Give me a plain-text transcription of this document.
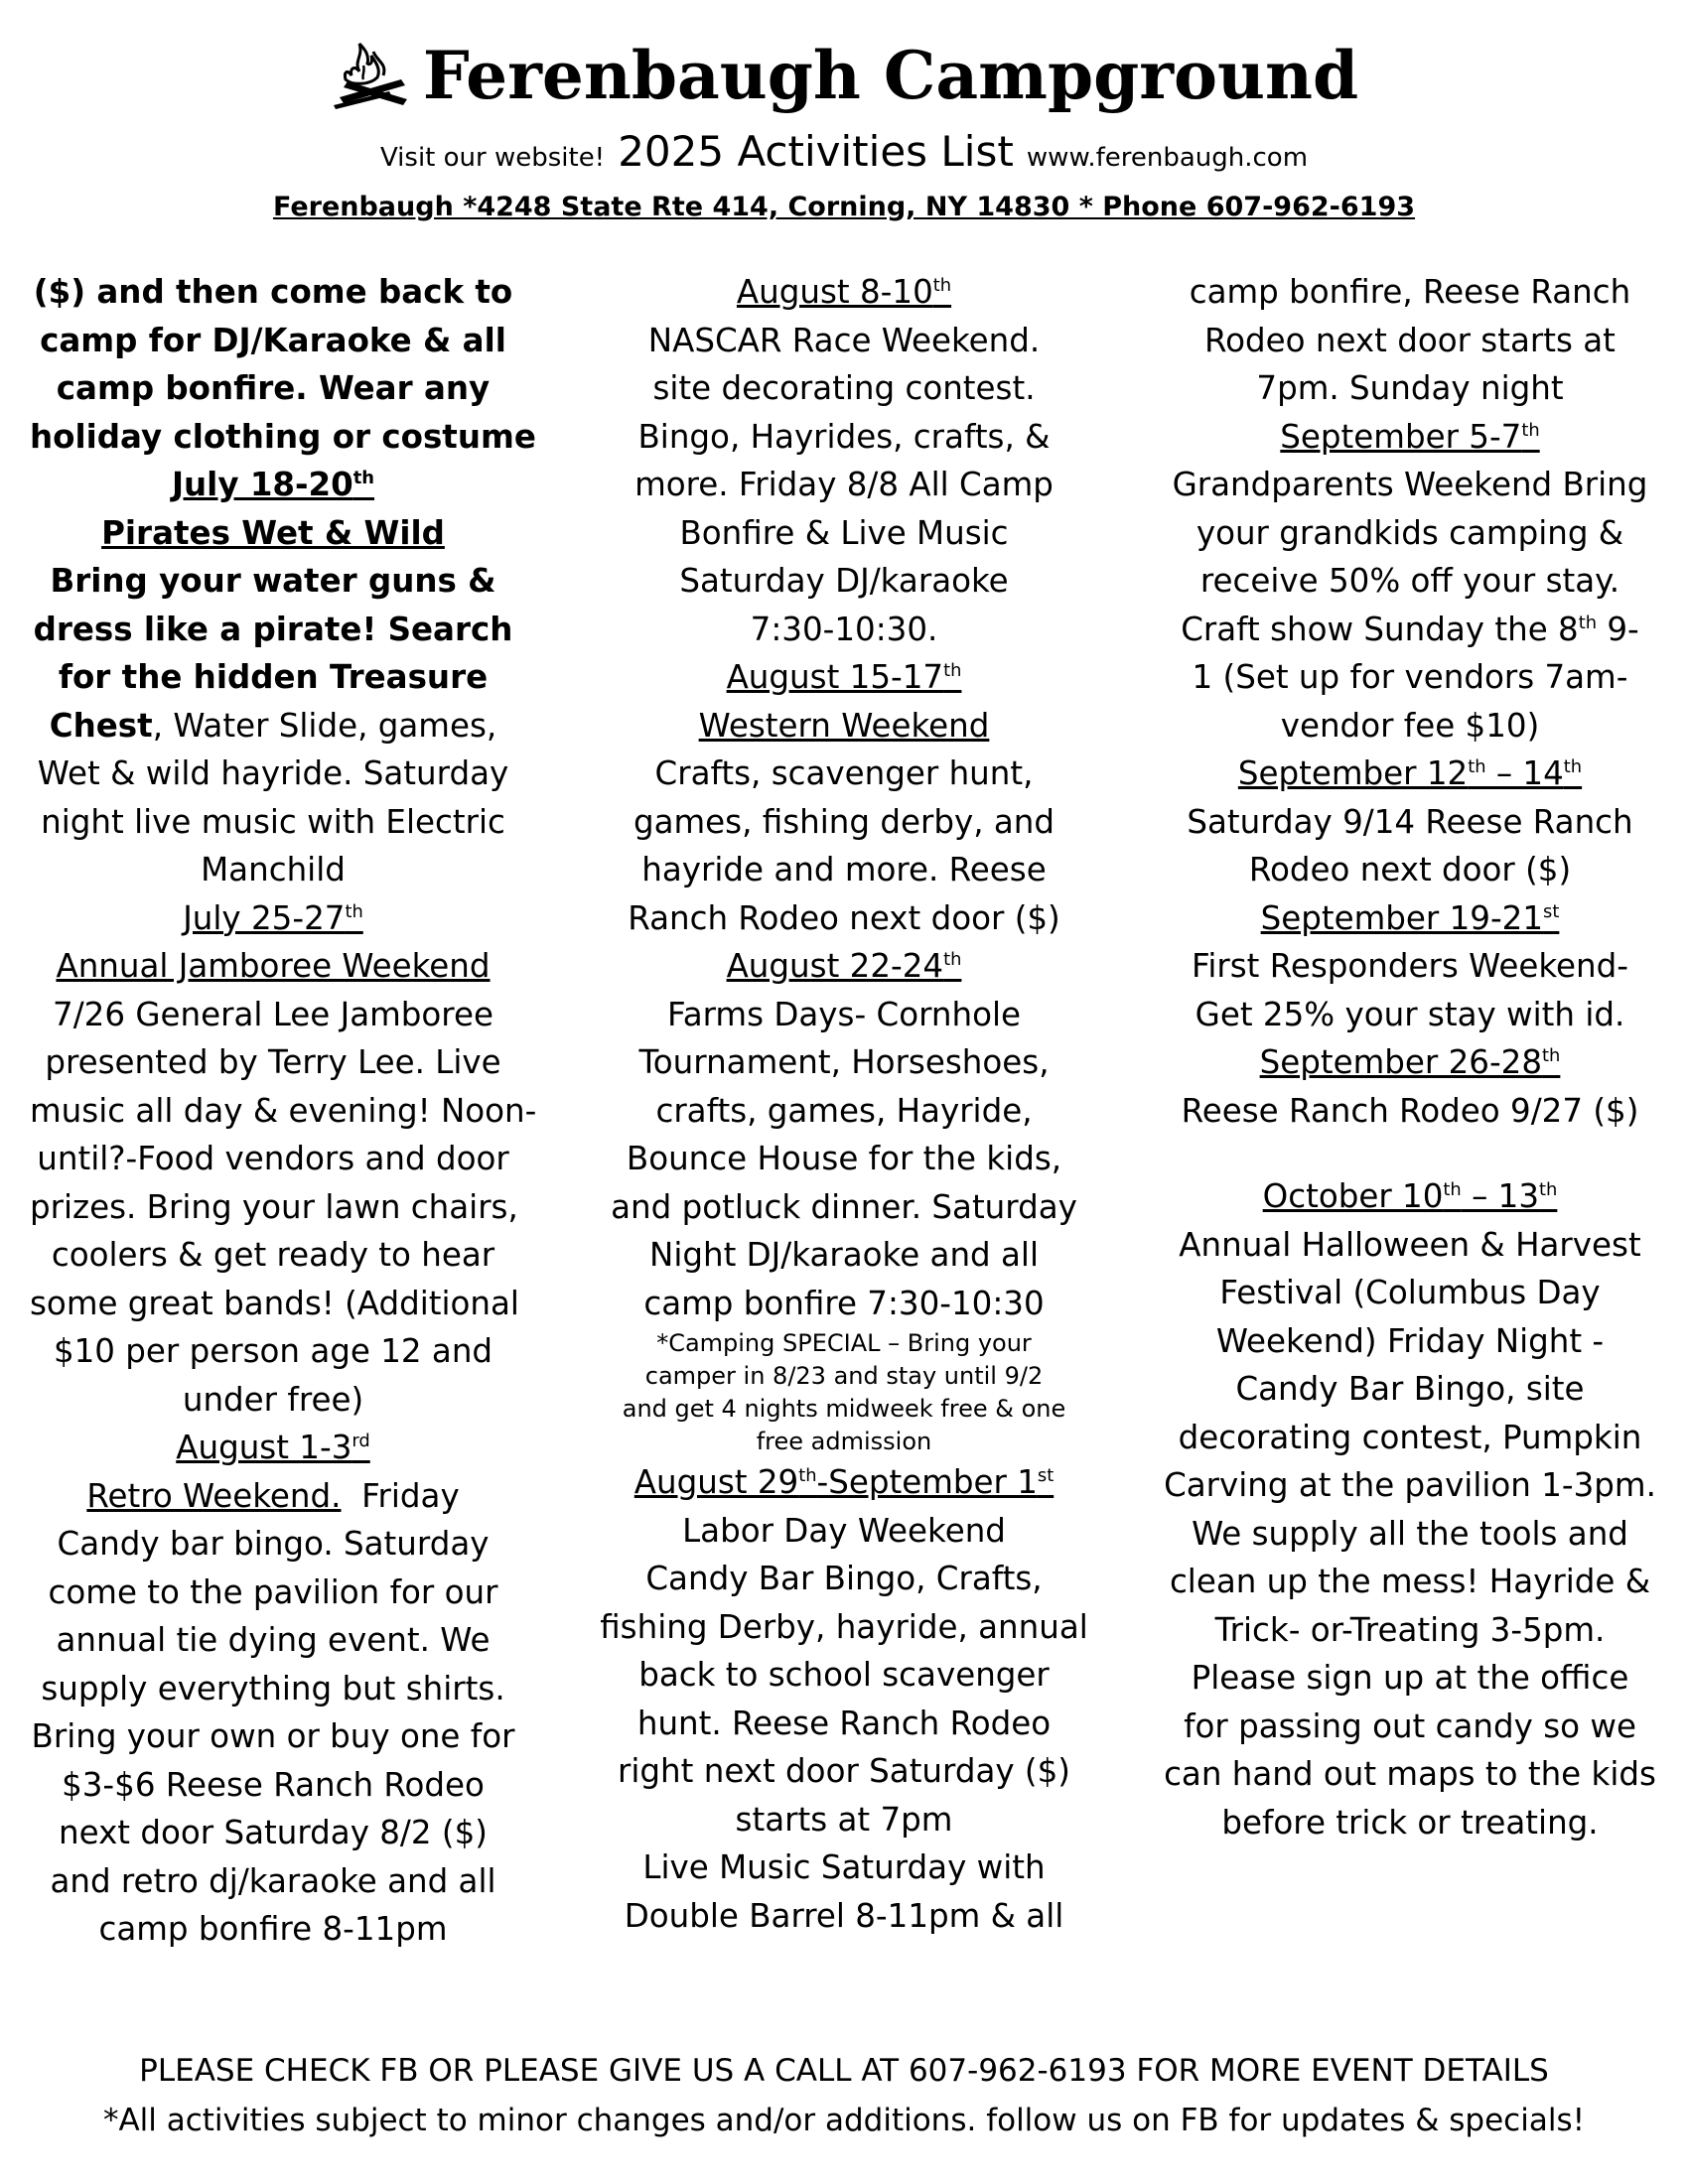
Ferenbaugh Campground
Visit our website! 2025 Activities List www.ferenbaugh.com
Ferenbaugh *4248 State Rte 414, Corning, NY 14830 * Phone 607-962-6193
($) and then come back to
camp for DJ/Karaoke & all
camp bonfire. Wear any
holiday clothing or costume
July 18-20th
Pirates Wet & Wild
Bring your water guns &
dress like a pirate! Search
for the hidden Treasure
Chest, Water Slide, games,
Wet & wild hayride. Saturday
night live music with Electric
Manchild
July 25-27th
Annual Jamboree Weekend
7/26 General Lee Jamboree
presented by Terry Lee. Live
music all day & evening! Noon-
until?-Food vendors and door
prizes. Bring your lawn chairs,
coolers & get ready to hear
some great bands! (Additional
$10 per person age 12 and
under free)
August 1-3rd
Retro Weekend. Friday
Candy bar bingo. Saturday
come to the pavilion for our
annual tie dying event. We
supply everything but shirts.
Bring your own or buy one for
$3-$6 Reese Ranch Rodeo
next door Saturday 8/2 ($)
and retro dj/karaoke and all
camp bonfire 8-11pm
August 8-10th
NASCAR Race Weekend.
site decorating contest.
Bingo, Hayrides, crafts, &
more. Friday 8/8 All Camp
Bonfire & Live Music
Saturday DJ/karaoke
7:30-10:30.
August 15-17th
Western Weekend
Crafts, scavenger hunt,
games, fishing derby, and
hayride and more. Reese
Ranch Rodeo next door ($)
August 22-24th
Farms Days- Cornhole
Tournament, Horseshoes,
crafts, games, Hayride,
Bounce House for the kids,
and potluck dinner. Saturday
Night DJ/karaoke and all
camp bonfire 7:30-10:30
*Camping SPECIAL – Bring your
camper in 8/23 and stay until 9/2
and get 4 nights midweek free & one
free admission
August 29th-September 1st
Labor Day Weekend
Candy Bar Bingo, Crafts,
fishing Derby, hayride, annual
back to school scavenger
hunt. Reese Ranch Rodeo
right next door Saturday ($)
starts at 7pm
Live Music Saturday with
Double Barrel 8-11pm & all
camp bonfire, Reese Ranch
Rodeo next door starts at
7pm. Sunday night
September 5-7th
Grandparents Weekend Bring
your grandkids camping &
receive 50% off your stay.
Craft show Sunday the 8th 9-
1 (Set up for vendors 7am-
vendor fee $10)
September 12th – 14th
Saturday 9/14 Reese Ranch
Rodeo next door ($)
September 19-21st
First Responders Weekend-
Get 25% your stay with id.
September 26-28th
Reese Ranch Rodeo 9/27 ($)
October 10th – 13th
Annual Halloween & Harvest
Festival (Columbus Day
Weekend) Friday Night -
Candy Bar Bingo, site
decorating contest, Pumpkin
Carving at the pavilion 1-3pm.
We supply all the tools and
clean up the mess! Hayride &
Trick- or-Treating 3-5pm.
Please sign up at the office
for passing out candy so we
can hand out maps to the kids
before trick or treating.
PLEASE CHECK FB OR PLEASE GIVE US A CALL AT 607-962-6193 FOR MORE EVENT DETAILS
*All activities subject to minor changes and/or additions. follow us on FB for updates & specials!
